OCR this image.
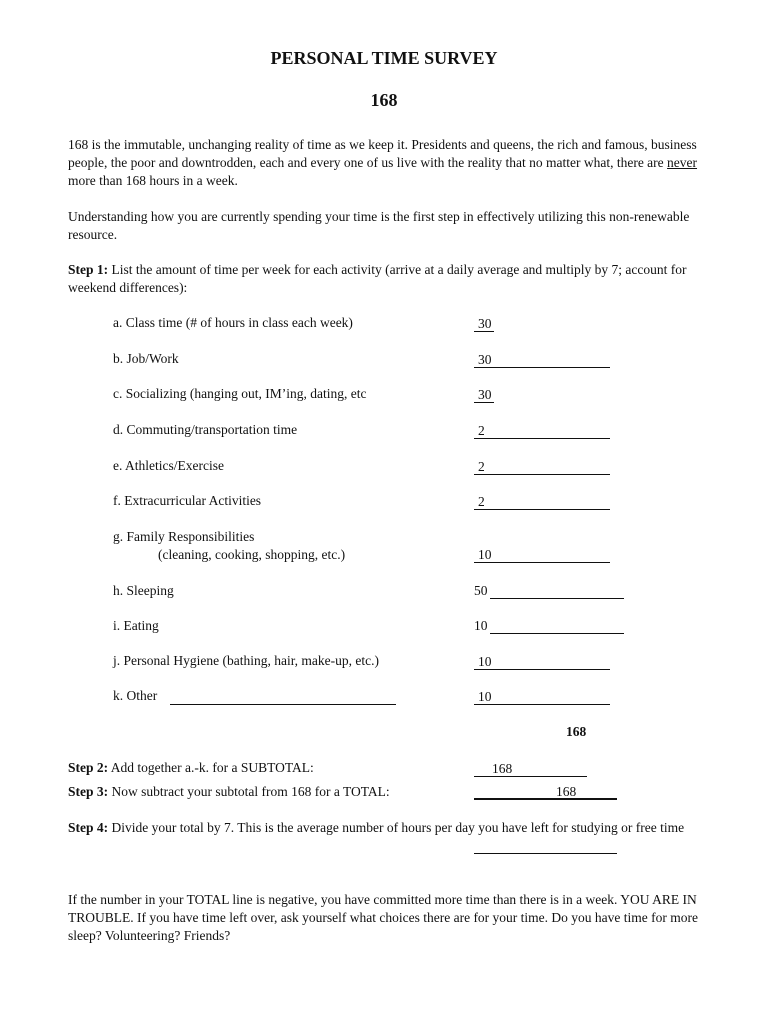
PERSONAL TIME SURVEY
168
168 is the immutable, unchanging reality of time as we keep it. Presidents and queens, the rich and famous, business people, the poor and downtrodden, each and every one of us live with the reality that no matter what, there are never more than 168 hours in a week.
Understanding how you are currently spending your time is the first step in effectively utilizing this non-renewable resource.
Step 1: List the amount of time per week for each activity (arrive at a daily average and multiply by 7; account for weekend differences):
a. Class time (# of hours in class each week)	30
b. Job/Work	30
c. Socializing (hanging out, IM’ing, dating, etc	30
d. Commuting/transportation time	2
e. Athletics/Exercise	2
f. Extracurricular Activities	2
g. Family Responsibilities
(cleaning, cooking, shopping, etc.)	10
h. Sleeping	50
i. Eating	10
j. Personal Hygiene (bathing, hair, make-up, etc.)	10
k. Other	10
168
Step 2: Add together a.-k. for a SUBTOTAL:	168
Step 3: Now subtract your subtotal from 168 for a TOTAL:	168
Step 4: Divide your total by 7. This is the average number of hours per day you have left for studying or free time
If the number in your TOTAL line is negative, you have committed more time than there is in a week. YOU ARE IN TROUBLE. If you have time left over, ask yourself what choices there are for your time. Do you have time for more sleep? Volunteering? Friends?
